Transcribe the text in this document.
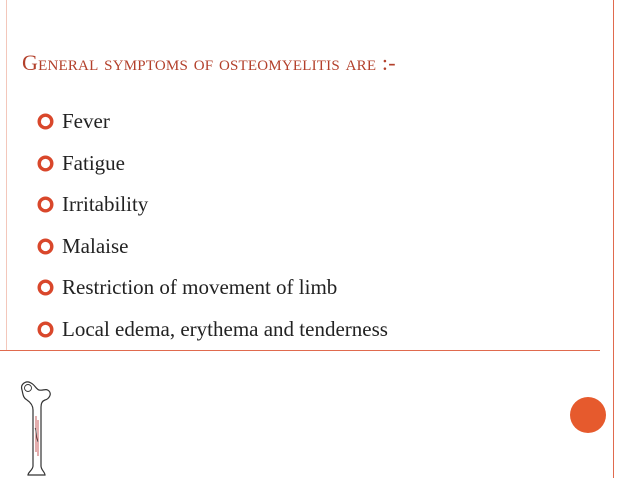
General symptoms of osteomyelitis are :-
Fever
Fatigue
Irritability
Malaise
Restriction of movement of limb
Local edema, erythema and tenderness
